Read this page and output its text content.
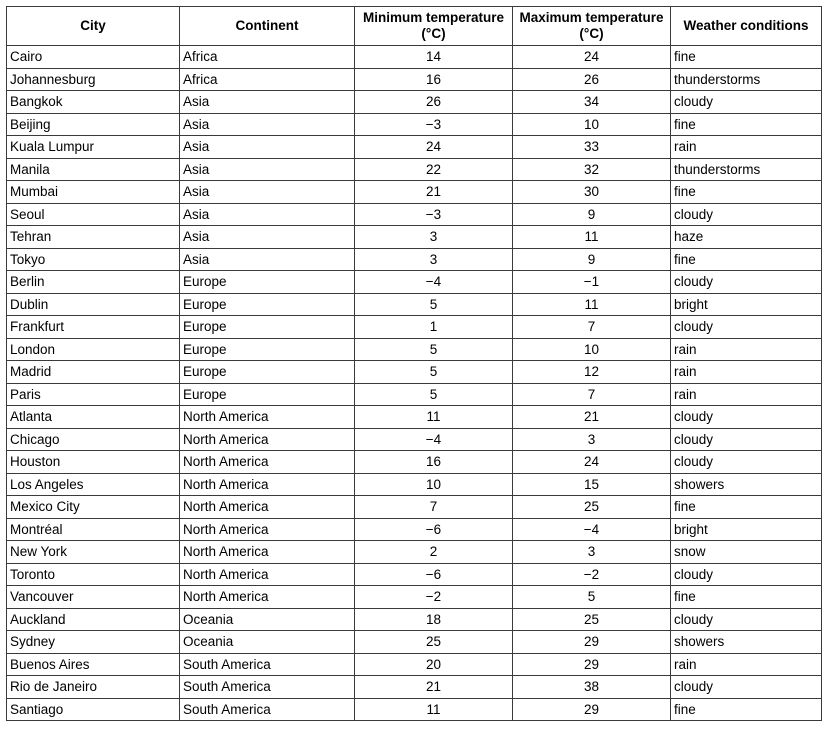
City	Continent	Minimum temperature (°C)	Maximum temperature (°C)	Weather conditions
Cairo	Africa	14	24	fine
Johannesburg	Africa	16	26	thunderstorms
Bangkok	Asia	26	34	cloudy
Beijing	Asia	−3	10	fine
Kuala Lumpur	Asia	24	33	rain
Manila	Asia	22	32	thunderstorms
Mumbai	Asia	21	30	fine
Seoul	Asia	−3	9	cloudy
Tehran	Asia	3	11	haze
Tokyo	Asia	3	9	fine
Berlin	Europe	−4	−1	cloudy
Dublin	Europe	5	11	bright
Frankfurt	Europe	1	7	cloudy
London	Europe	5	10	rain
Madrid	Europe	5	12	rain
Paris	Europe	5	7	rain
Atlanta	North America	11	21	cloudy
Chicago	North America	−4	3	cloudy
Houston	North America	16	24	cloudy
Los Angeles	North America	10	15	showers
Mexico City	North America	7	25	fine
Montréal	North America	−6	−4	bright
New York	North America	2	3	snow
Toronto	North America	−6	−2	cloudy
Vancouver	North America	−2	5	fine
Auckland	Oceania	18	25	cloudy
Sydney	Oceania	25	29	showers
Buenos Aires	South America	20	29	rain
Rio de Janeiro	South America	21	38	cloudy
Santiago	South America	11	29	fine
